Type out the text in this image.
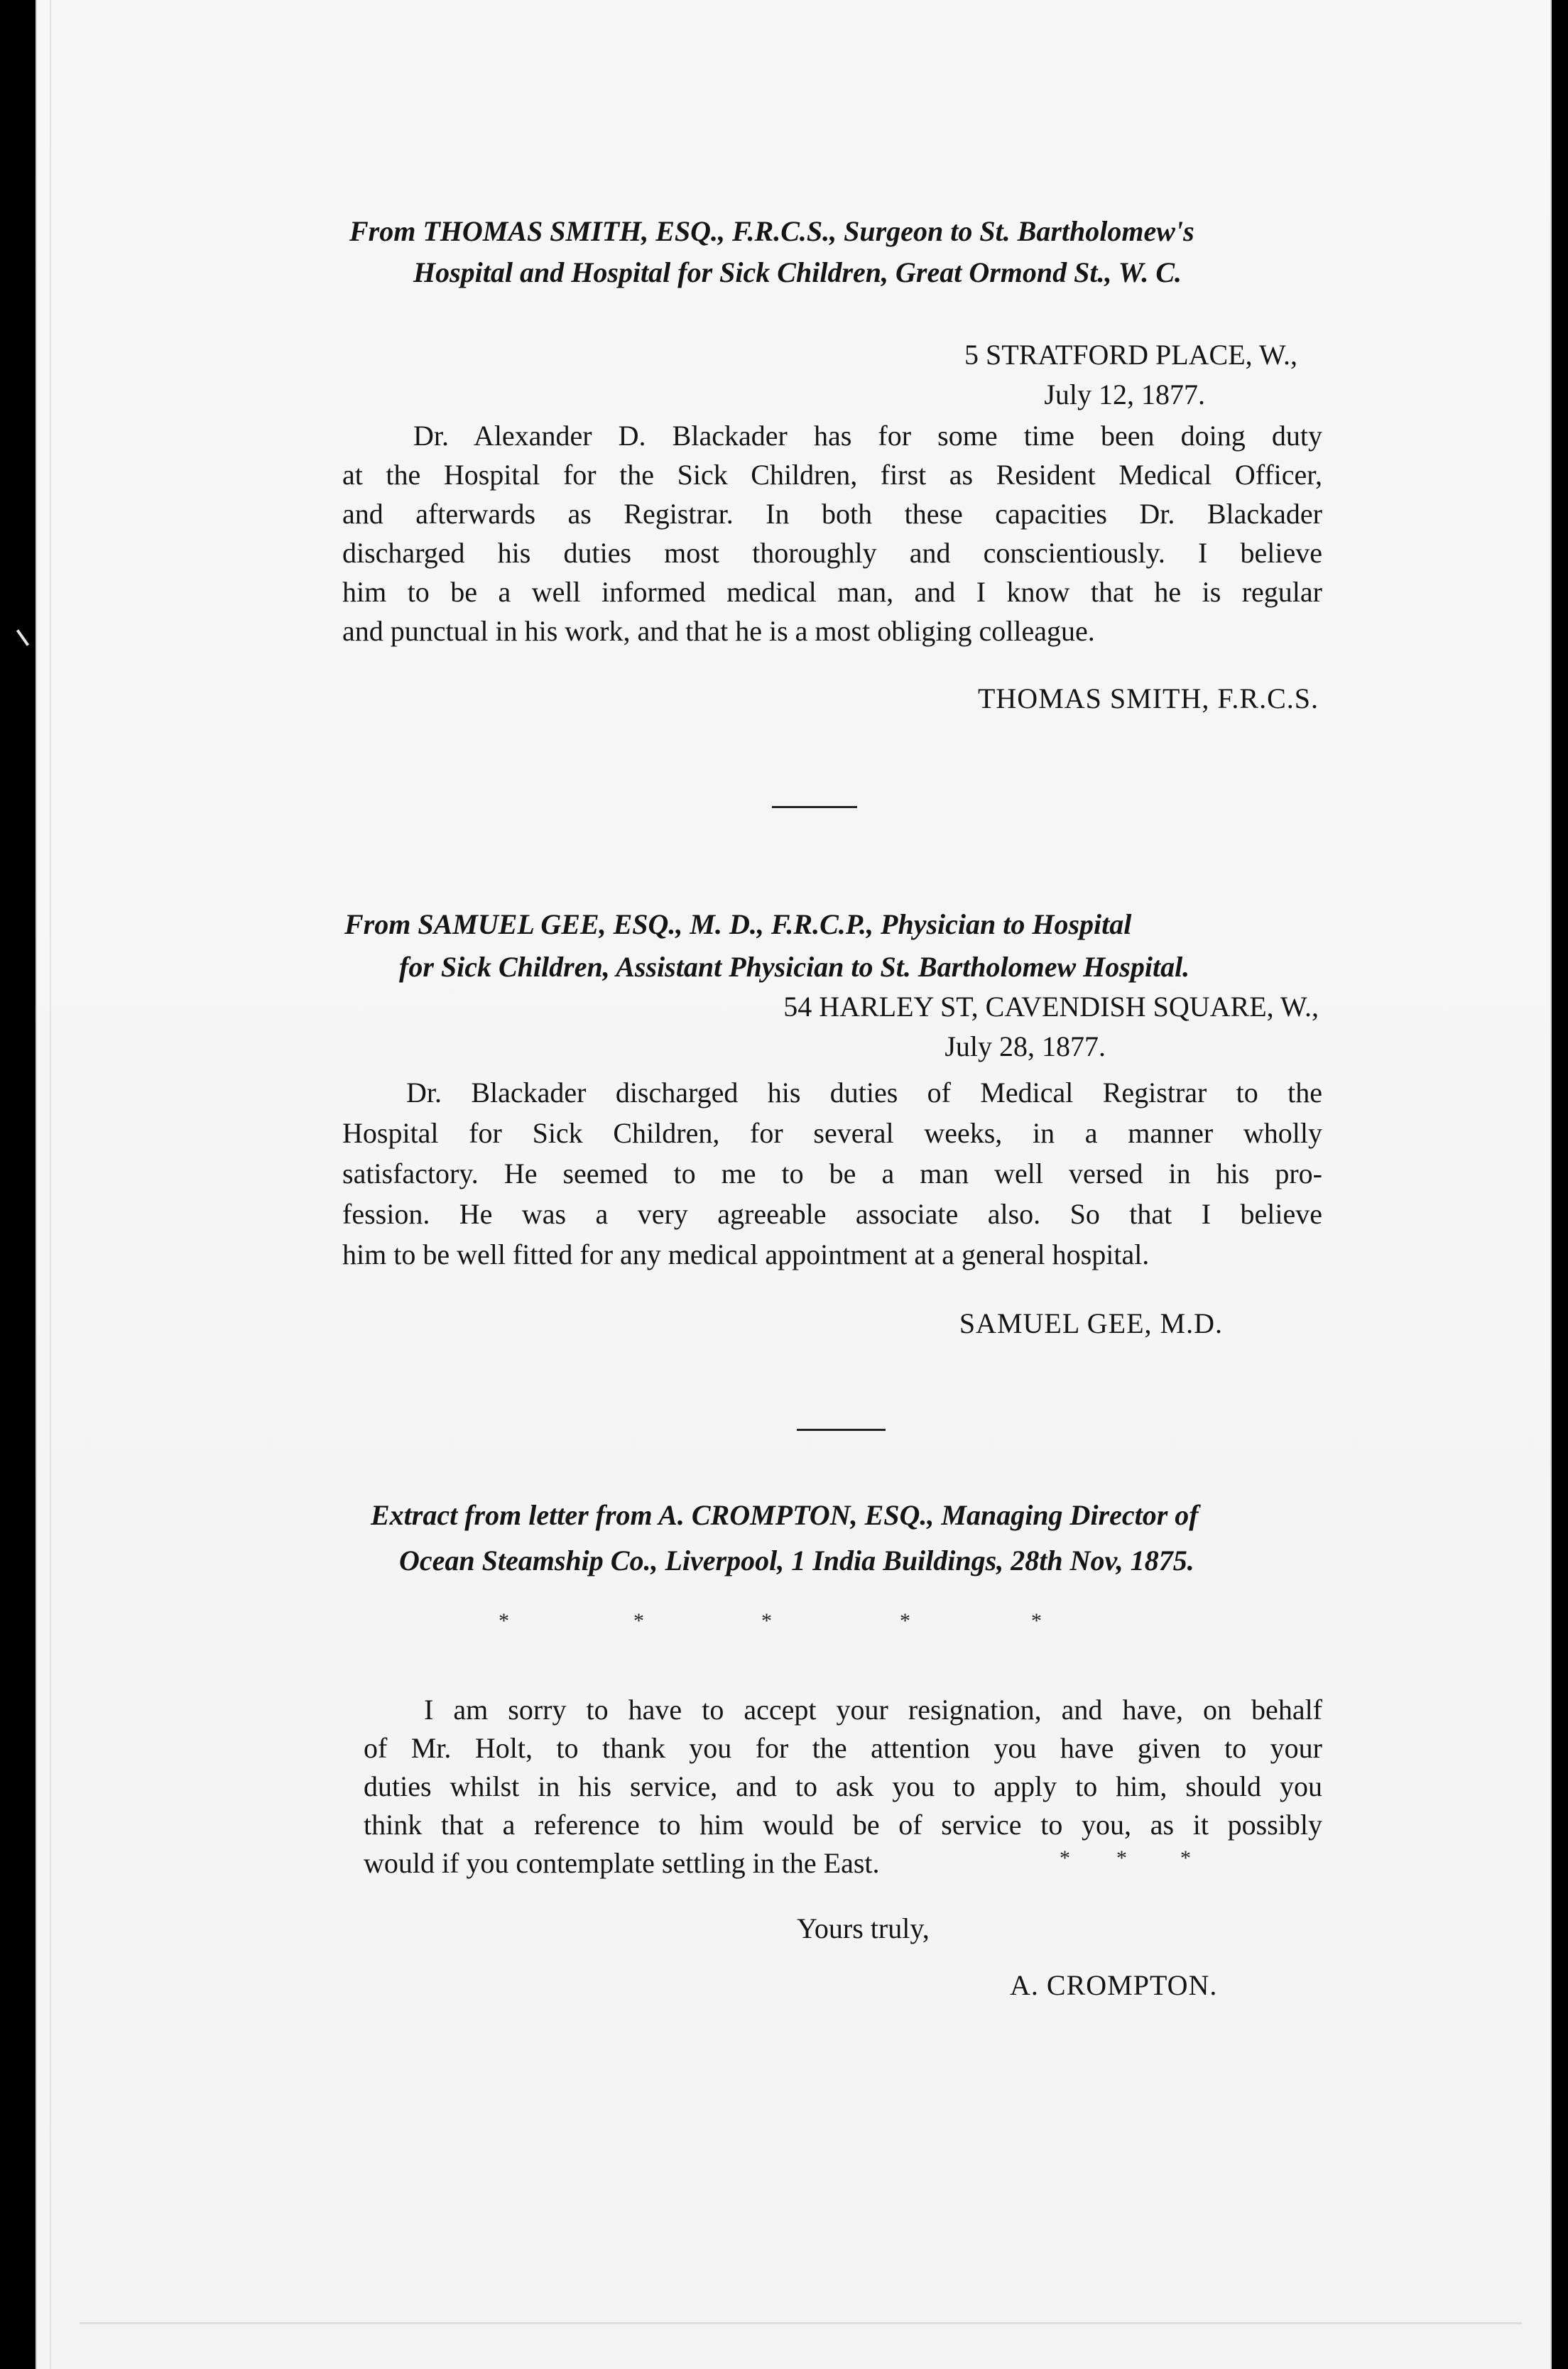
From THOMAS SMITH, ESQ., F.R.C.S., Surgeon to St. Bartholomew's
Hospital and Hospital for Sick Children, Great Ormond St., W. C.
5 STRATFORD PLACE, W.,
July 12, 1877.
Dr. Alexander D. Blackader has for some time been doing duty
at the Hospital for the Sick Children, first as Resident Medical Officer,
and afterwards as Registrar. In both these capacities Dr. Blackader
discharged his duties most thoroughly and conscientiously. I believe
him to be a well informed medical man, and I know that he is regular
and punctual in his work, and that he is a most obliging colleague.
THOMAS SMITH, F.R.C.S.
From SAMUEL GEE, ESQ., M. D., F.R.C.P., Physician to Hospital
for Sick Children, Assistant Physician to St. Bartholomew Hospital.
54 HARLEY ST, CAVENDISH SQUARE, W.,
July 28, 1877.
Dr. Blackader discharged his duties of Medical Registrar to the
Hospital for Sick Children, for several weeks, in a manner wholly
satisfactory. He seemed to me to be a man well versed in his pro-
fession. He was a very agreeable associate also. So that I believe
him to be well fitted for any medical appointment at a general hospital.
SAMUEL GEE, M.D.
Extract from letter from A. CROMPTON, ESQ., Managing Director of
Ocean Steamship Co., Liverpool, 1 India Buildings, 28th Nov, 1875.
*	*	*	*	*
I am sorry to have to accept your resignation, and have, on behalf
of Mr. Holt, to thank you for the attention you have given to your
duties whilst in his service, and to ask you to apply to him, should you
think that a reference to him would be of service to you, as it possibly
would if you contemplate settling in the East.	* *	*
Yours truly,
A. CROMPTON.
